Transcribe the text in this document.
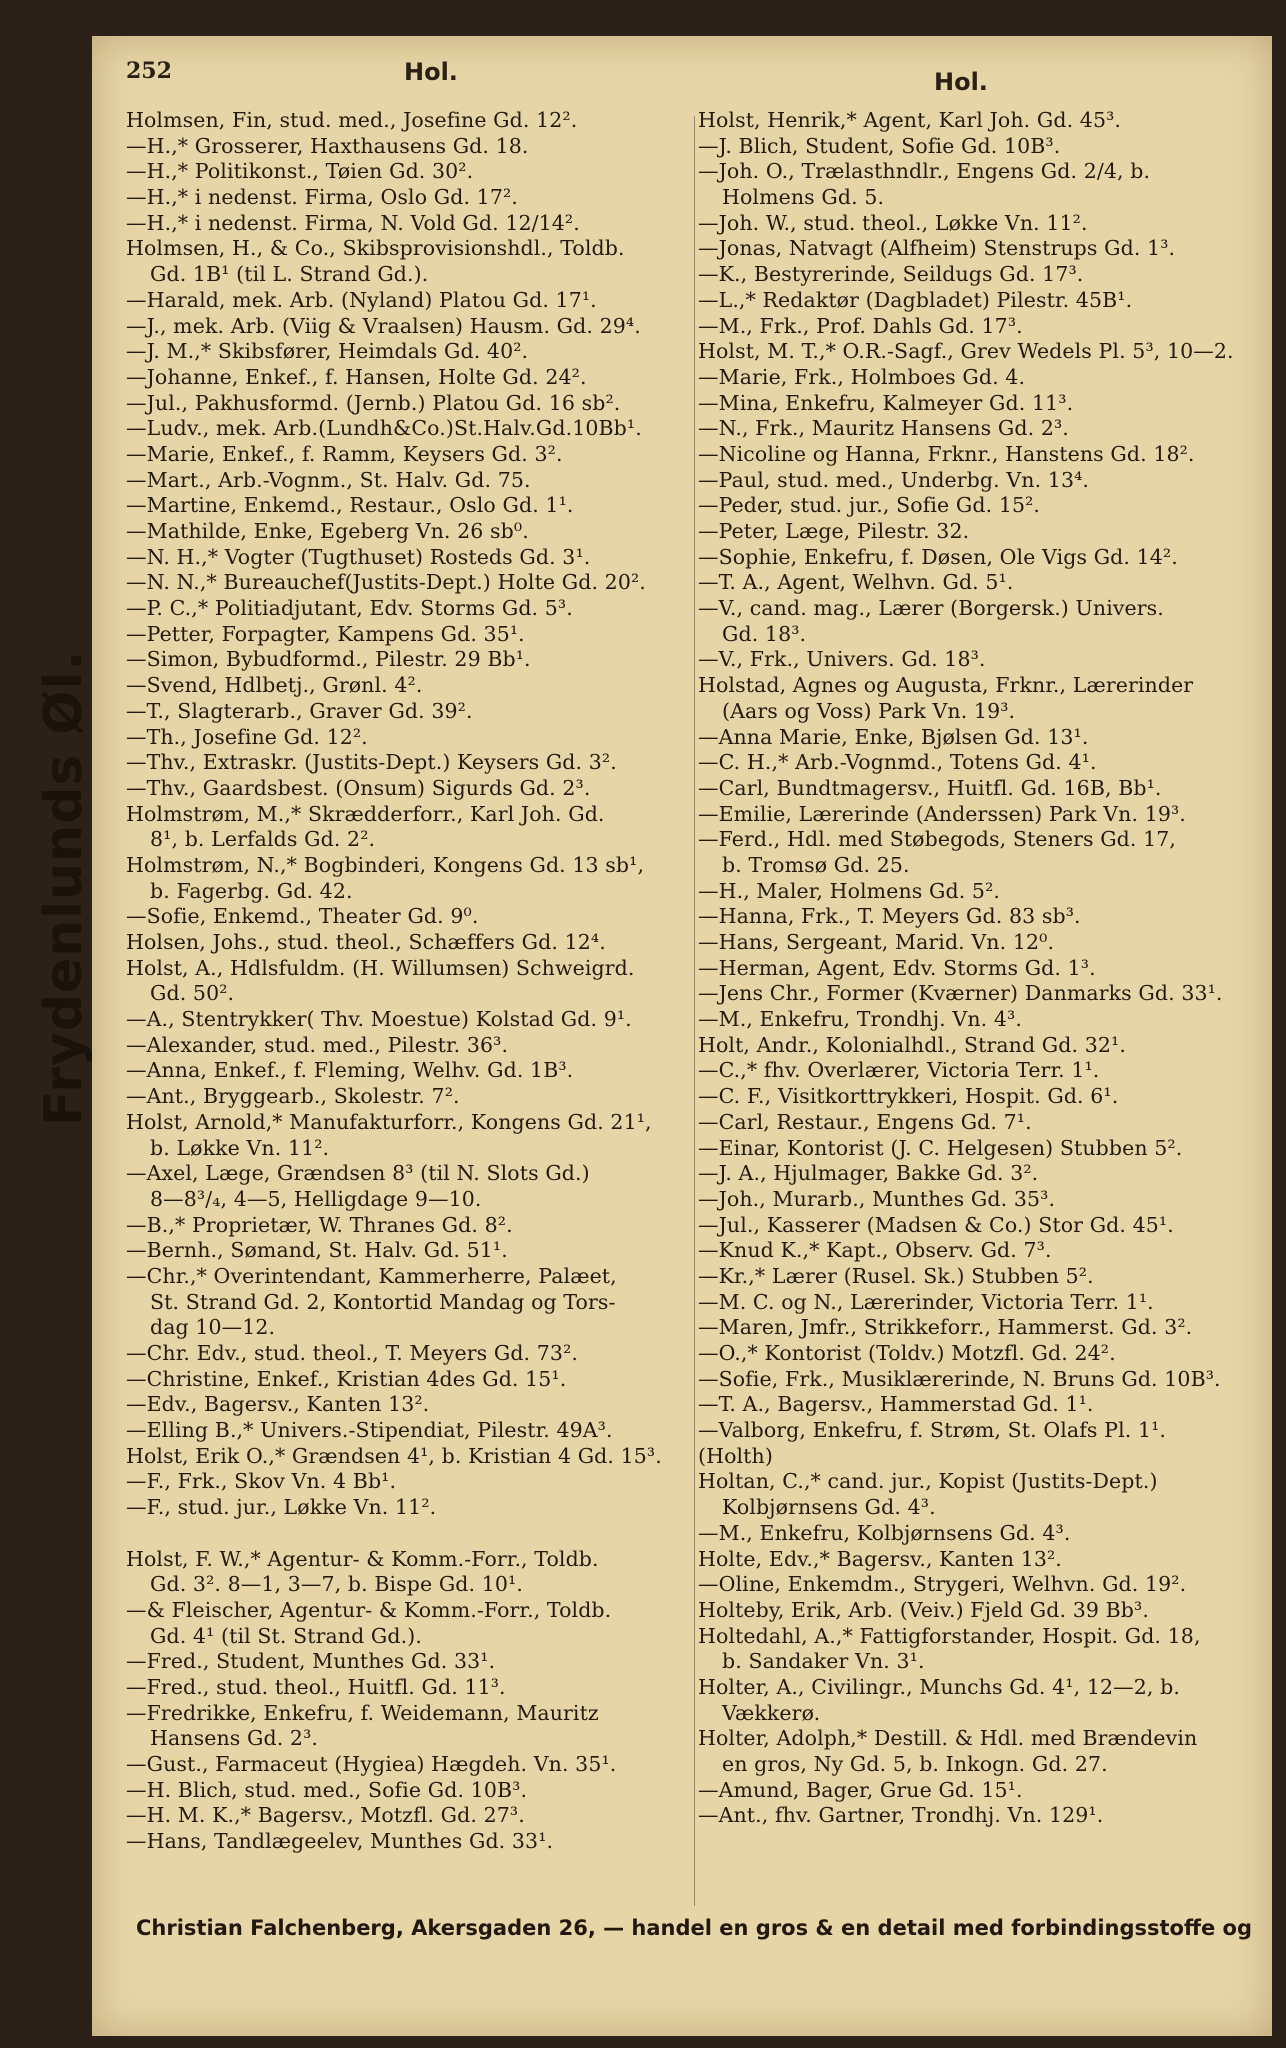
252	Hol.	Hol.
Frydenlunds Øl.
Holmsen, Fin, stud. med., Josefine Gd. 12².
—H.,* Grosserer, Haxthausens Gd. 18.
—H.,* Politikonst., Tøien Gd. 30².
—H.,* i nedenst. Firma, Oslo Gd. 17².
—H.,* i nedenst. Firma, N. Vold Gd. 12/14².
Holmsen, H., & Co., Skibsprovisionshdl., Toldb.
Gd. 1B¹ (til L. Strand Gd.).
—Harald, mek. Arb. (Nyland) Platou Gd. 17¹.
—J., mek. Arb. (Viig & Vraalsen) Hausm. Gd. 29⁴.
—J. M.,* Skibsfører, Heimdals Gd. 40².
—Johanne, Enkef., f. Hansen, Holte Gd. 24².
—Jul., Pakhusformd. (Jernb.) Platou Gd. 16 sb².
—Ludv., mek. Arb.(Lundh&Co.)St.Halv.Gd.10Bb¹.
—Marie, Enkef., f. Ramm, Keysers Gd. 3².
—Mart., Arb.-Vognm., St. Halv. Gd. 75.
—Martine, Enkemd., Restaur., Oslo Gd. 1¹.
—Mathilde, Enke, Egeberg Vn. 26 sb⁰.
—N. H.,* Vogter (Tugthuset) Rosteds Gd. 3¹.
—N. N.,* Bureauchef(Justits-Dept.) Holte Gd. 20².
—P. C.,* Politiadjutant, Edv. Storms Gd. 5³.
—Petter, Forpagter, Kampens Gd. 35¹.
—Simon, Bybudformd., Pilestr. 29 Bb¹.
—Svend, Hdlbetj., Grønl. 4².
—T., Slagterarb., Graver Gd. 39².
—Th., Josefine Gd. 12².
—Thv., Extraskr. (Justits-Dept.) Keysers Gd. 3².
—Thv., Gaardsbest. (Onsum) Sigurds Gd. 2³.
Holmstrøm, M.,* Skrædderforr., Karl Joh. Gd.
8¹, b. Lerfalds Gd. 2².
Holmstrøm, N.,* Bogbinderi, Kongens Gd. 13 sb¹,
b. Fagerbg. Gd. 42.
—Sofie, Enkemd., Theater Gd. 9⁰.
Holsen, Johs., stud. theol., Schæffers Gd. 12⁴.
Holst, A., Hdlsfuldm. (H. Willumsen) Schweigrd.
Gd. 50².
—A., Stentrykker( Thv. Moestue) Kolstad Gd. 9¹.
—Alexander, stud. med., Pilestr. 36³.
—Anna, Enkef., f. Fleming, Welhv. Gd. 1B³.
—Ant., Bryggearb., Skolestr. 7².
Holst, Arnold,* Manufakturforr., Kongens Gd. 21¹,
b. Løkke Vn. 11².
—Axel, Læge, Grændsen 8³ (til N. Slots Gd.)
8—8³/₄, 4—5, Helligdage 9—10.
—B.,* Proprietær, W. Thranes Gd. 8².
—Bernh., Sømand, St. Halv. Gd. 51¹.
—Chr.,* Overintendant, Kammerherre, Palæet,
St. Strand Gd. 2, Kontortid Mandag og Tors-
dag 10—12.
—Chr. Edv., stud. theol., T. Meyers Gd. 73².
—Christine, Enkef., Kristian 4des Gd. 15¹.
—Edv., Bagersv., Kanten 13².
—Elling B.,* Univers.-Stipendiat, Pilestr. 49A³.
Holst, Erik O.,* Grændsen 4¹, b. Kristian 4 Gd. 15³.
—F., Frk., Skov Vn. 4 Bb¹.
—F., stud. jur., Løkke Vn. 11².
Holst, F. W.,* Agentur- & Komm.-Forr., Toldb.
Gd. 3². 8—1, 3—7, b. Bispe Gd. 10¹.
—& Fleischer, Agentur- & Komm.-Forr., Toldb.
Gd. 4¹ (til St. Strand Gd.).
—Fred., Student, Munthes Gd. 33¹.
—Fred., stud. theol., Huitfl. Gd. 11³.
—Fredrikke, Enkefru, f. Weidemann, Mauritz
Hansens Gd. 2³.
—Gust., Farmaceut (Hygiea) Hægdeh. Vn. 35¹.
—H. Blich, stud. med., Sofie Gd. 10B³.
—H. M. K.,* Bagersv., Motzfl. Gd. 27³.
—Hans, Tandlægeelev, Munthes Gd. 33¹.
Holst, Henrik,* Agent, Karl Joh. Gd. 45³.
—J. Blich, Student, Sofie Gd. 10B³.
—Joh. O., Trælasthndlr., Engens Gd. 2/4, b.
Holmens Gd. 5.
—Joh. W., stud. theol., Løkke Vn. 11².
—Jonas, Natvagt (Alfheim) Stenstrups Gd. 1³.
—K., Bestyrerinde, Seildugs Gd. 17³.
—L.,* Redaktør (Dagbladet) Pilestr. 45B¹.
—M., Frk., Prof. Dahls Gd. 17³.
Holst, M. T.,* O.R.-Sagf., Grev Wedels Pl. 5³, 10—2.
—Marie, Frk., Holmboes Gd. 4.
—Mina, Enkefru, Kalmeyer Gd. 11³.
—N., Frk., Mauritz Hansens Gd. 2³.
—Nicoline og Hanna, Frknr., Hanstens Gd. 18².
—Paul, stud. med., Underbg. Vn. 13⁴.
—Peder, stud. jur., Sofie Gd. 15².
—Peter, Læge, Pilestr. 32.
—Sophie, Enkefru, f. Døsen, Ole Vigs Gd. 14².
—T. A., Agent, Welhvn. Gd. 5¹.
—V., cand. mag., Lærer (Borgersk.) Univers.
Gd. 18³.
—V., Frk., Univers. Gd. 18³.
Holstad, Agnes og Augusta, Frknr., Lærerinder
(Aars og Voss) Park Vn. 19³.
—Anna Marie, Enke, Bjølsen Gd. 13¹.
—C. H.,* Arb.-Vognmd., Totens Gd. 4¹.
—Carl, Bundtmagersv., Huitfl. Gd. 16B, Bb¹.
—Emilie, Lærerinde (Anderssen) Park Vn. 19³.
—Ferd., Hdl. med Støbegods, Steners Gd. 17,
b. Tromsø Gd. 25.
—H., Maler, Holmens Gd. 5².
—Hanna, Frk., T. Meyers Gd. 83 sb³.
—Hans, Sergeant, Marid. Vn. 12⁰.
—Herman, Agent, Edv. Storms Gd. 1³.
—Jens Chr., Former (Kværner) Danmarks Gd. 33¹.
—M., Enkefru, Trondhj. Vn. 4³.
Holt, Andr., Kolonialhdl., Strand Gd. 32¹.
—C.,* fhv. Overlærer, Victoria Terr. 1¹.
—C. F., Visitkorttrykkeri, Hospit. Gd. 6¹.
—Carl, Restaur., Engens Gd. 7¹.
—Einar, Kontorist (J. C. Helgesen) Stubben 5².
—J. A., Hjulmager, Bakke Gd. 3².
—Joh., Murarb., Munthes Gd. 35³.
—Jul., Kasserer (Madsen & Co.) Stor Gd. 45¹.
—Knud K.,* Kapt., Observ. Gd. 7³.
—Kr.,* Lærer (Rusel. Sk.) Stubben 5².
—M. C. og N., Lærerinder, Victoria Terr. 1¹.
—Maren, Jmfr., Strikkeforr., Hammerst. Gd. 3².
—O.,* Kontorist (Toldv.) Motzfl. Gd. 24².
—Sofie, Frk., Musiklærerinde, N. Bruns Gd. 10B³.
—T. A., Bagersv., Hammerstad Gd. 1¹.
—Valborg, Enkefru, f. Strøm, St. Olafs Pl. 1¹.
(Holth)
Holtan, C.,* cand. jur., Kopist (Justits-Dept.)
Kolbjørnsens Gd. 4³.
—M., Enkefru, Kolbjørnsens Gd. 4³.
Holte, Edv.,* Bagersv., Kanten 13².
—Oline, Enkemdm., Strygeri, Welhvn. Gd. 19².
Holteby, Erik, Arb. (Veiv.) Fjeld Gd. 39 Bb³.
Holtedahl, A.,* Fattigforstander, Hospit. Gd. 18,
b. Sandaker Vn. 3¹.
Holter, A., Civilingr., Munchs Gd. 4¹, 12—2, b.
Vækkerø.
Holter, Adolph,* Destill. & Hdl. med Brændevin
en gros, Ny Gd. 5, b. Inkogn. Gd. 27.
—Amund, Bager, Grue Gd. 15¹.
—Ant., fhv. Gartner, Trondhj. Vn. 129¹.
Christian Falchenberg, Akersgaden 26, — handel en gros & en detail med forbindingsstoffe og
